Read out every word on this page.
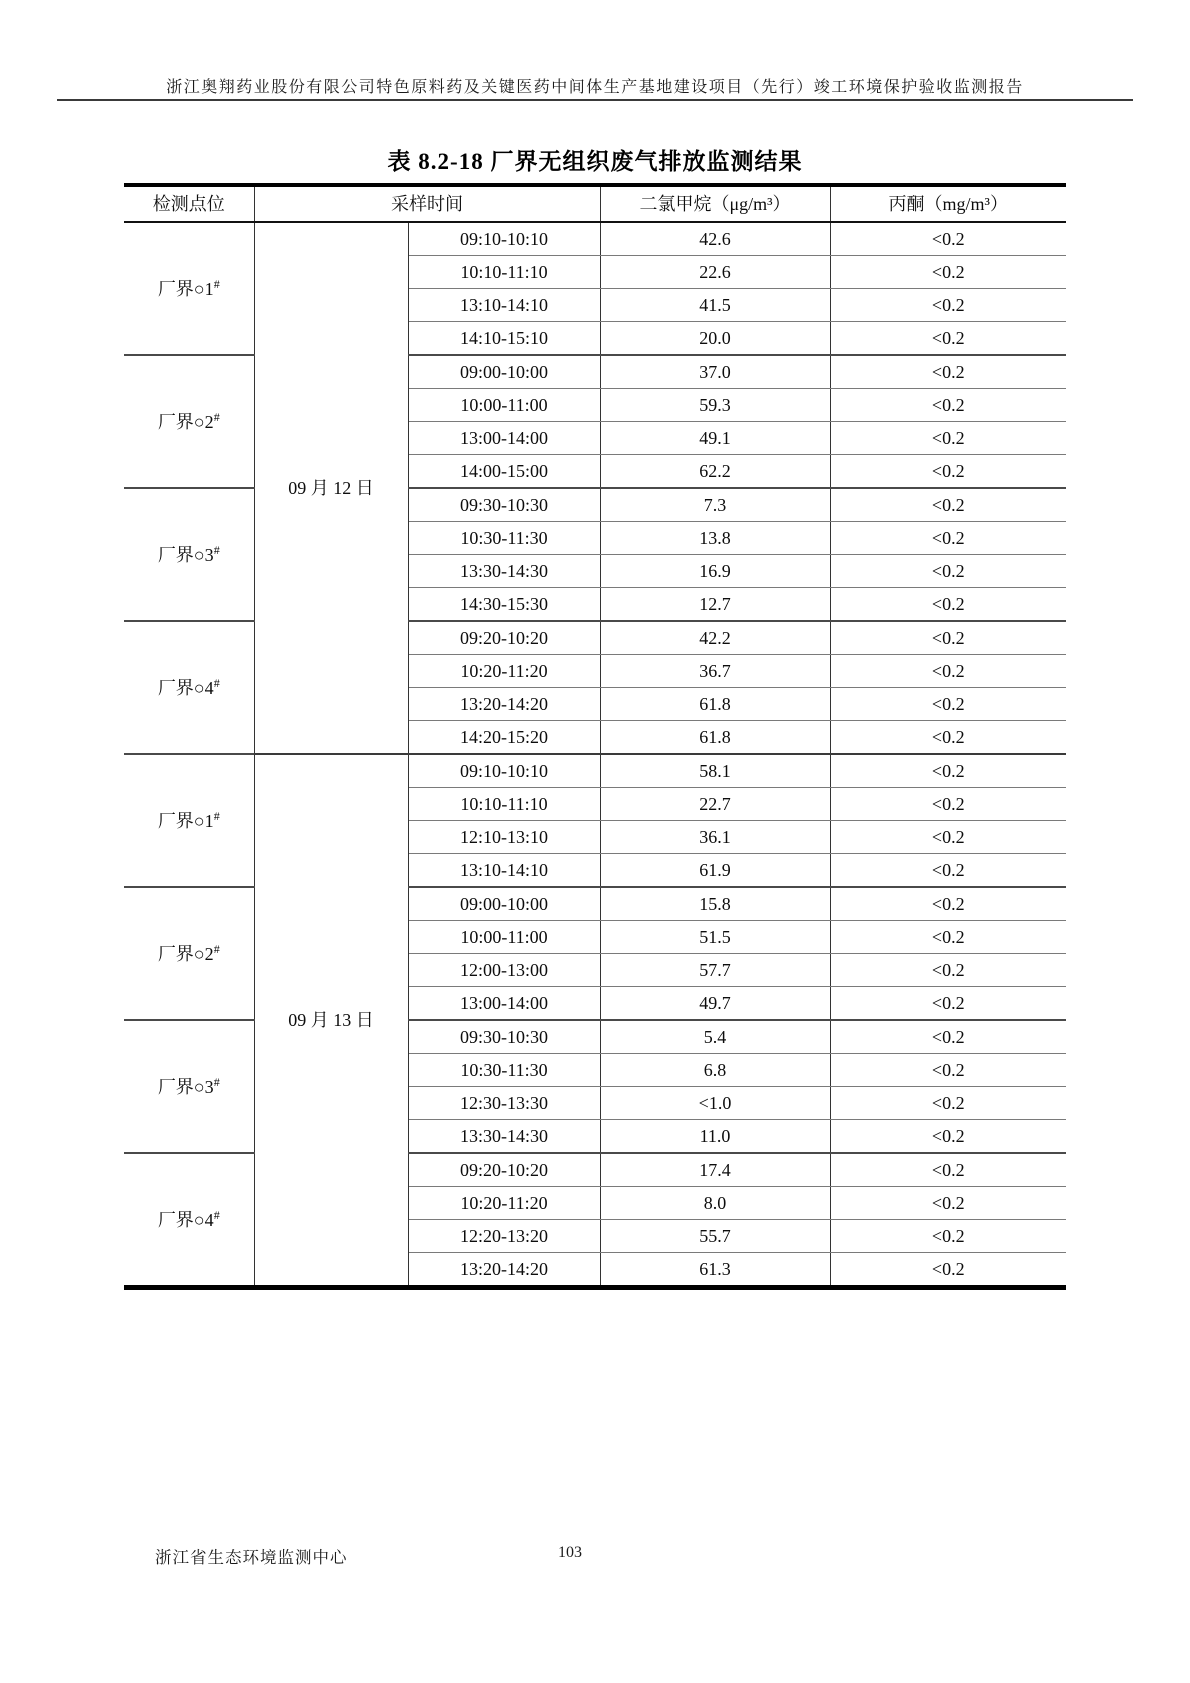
浙江奥翔药业股份有限公司特色原料药及关键医药中间体生产基地建设项目（先行）竣工环境保护验收监测报告
表 8.2-18 厂界无组织废气排放监测结果
检测点位	采样时间		二氯甲烷（μg/m³）	丙酮（mg/m³）
厂界○1#	09 月 12 日	09:10-10:10	42.6	<0.2
		10:10-11:10	22.6	<0.2
		13:10-14:10	41.5	<0.2
		14:10-15:10	20.0	<0.2
厂界○2#		09:00-10:00	37.0	<0.2
		10:00-11:00	59.3	<0.2
		13:00-14:00	49.1	<0.2
		14:00-15:00	62.2	<0.2
厂界○3#		09:30-10:30	7.3	<0.2
		10:30-11:30	13.8	<0.2
		13:30-14:30	16.9	<0.2
		14:30-15:30	12.7	<0.2
厂界○4#		09:20-10:20	42.2	<0.2
		10:20-11:20	36.7	<0.2
		13:20-14:20	61.8	<0.2
		14:20-15:20	61.8	<0.2
厂界○1#	09 月 13 日	09:10-10:10	58.1	<0.2
		10:10-11:10	22.7	<0.2
		12:10-13:10	36.1	<0.2
		13:10-14:10	61.9	<0.2
厂界○2#		09:00-10:00	15.8	<0.2
		10:00-11:00	51.5	<0.2
		12:00-13:00	57.7	<0.2
		13:00-14:00	49.7	<0.2
厂界○3#		09:30-10:30	5.4	<0.2
		10:30-11:30	6.8	<0.2
		12:30-13:30	<1.0	<0.2
		13:30-14:30	11.0	<0.2
厂界○4#		09:20-10:20	17.4	<0.2
		10:20-11:20	8.0	<0.2
		12:20-13:20	55.7	<0.2
		13:20-14:20	61.3	<0.2
浙江省生态环境监测中心	103
